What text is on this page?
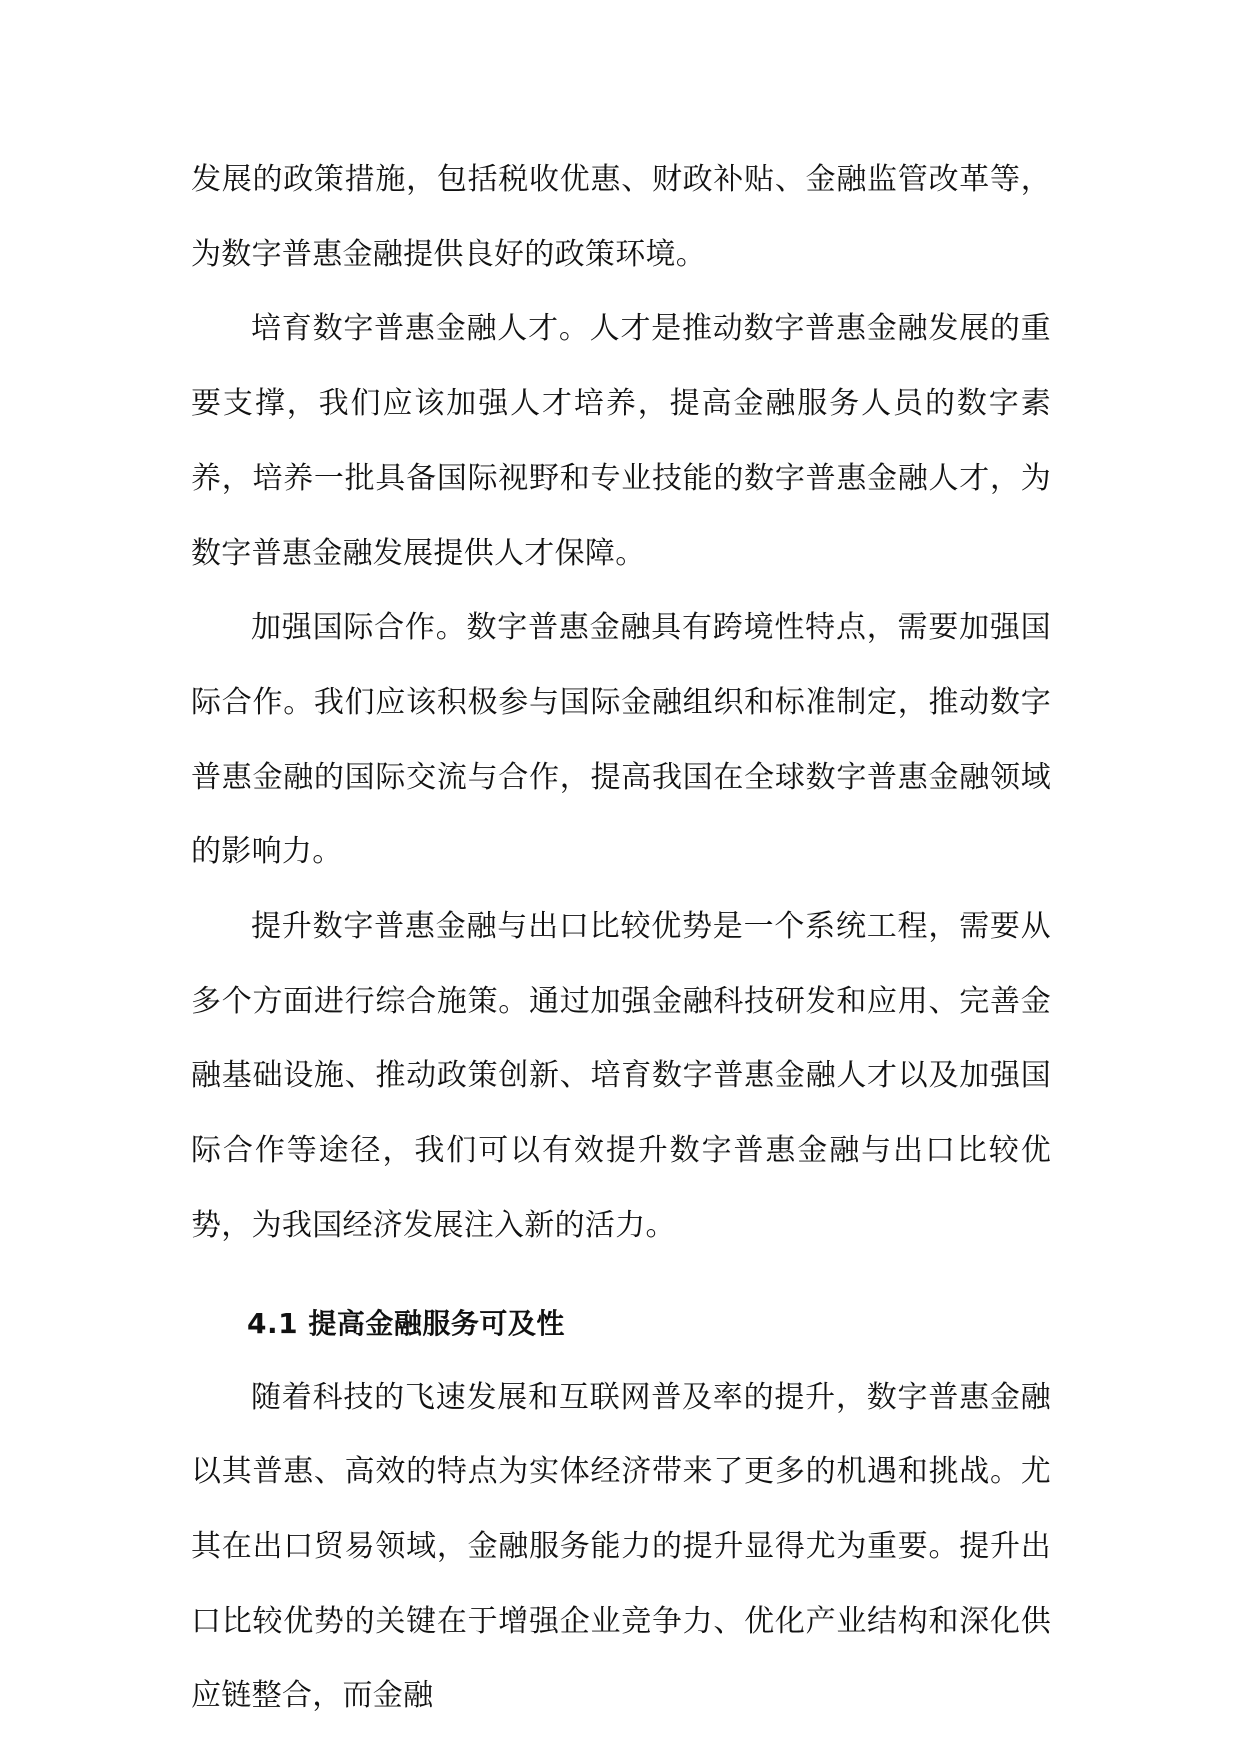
发展的政策措施，包括税收优惠、财政补贴、金融监管改革等，为数字普惠金融提供良好的政策环境。

培育数字普惠金融人才。人才是推动数字普惠金融发展的重要支撑，我们应该加强人才培养，提高金融服务人员的数字素养，培养一批具备国际视野和专业技能的数字普惠金融人才，为数字普惠金融发展提供人才保障。

加强国际合作。数字普惠金融具有跨境性特点，需要加强国际合作。我们应该积极参与国际金融组织和标准制定，推动数字普惠金融的国际交流与合作，提高我国在全球数字普惠金融领域的影响力。

提升数字普惠金融与出口比较优势是一个系统工程，需要从多个方面进行综合施策。通过加强金融科技研发和应用、完善金融基础设施、推动政策创新、培育数字普惠金融人才以及加强国际合作等途径，我们可以有效提升数字普惠金融与出口比较优势，为我国经济发展注入新的活力。

4.1 提高金融服务可及性

随着科技的飞速发展和互联网普及率的提升，数字普惠金融以其普惠、高效的特点为实体经济带来了更多的机遇和挑战。尤其在出口贸易领域，金融服务能力的提升显得尤为重要。提升出口比较优势的关键在于增强企业竞争力、优化产业结构和深化供应链整合，而金融
